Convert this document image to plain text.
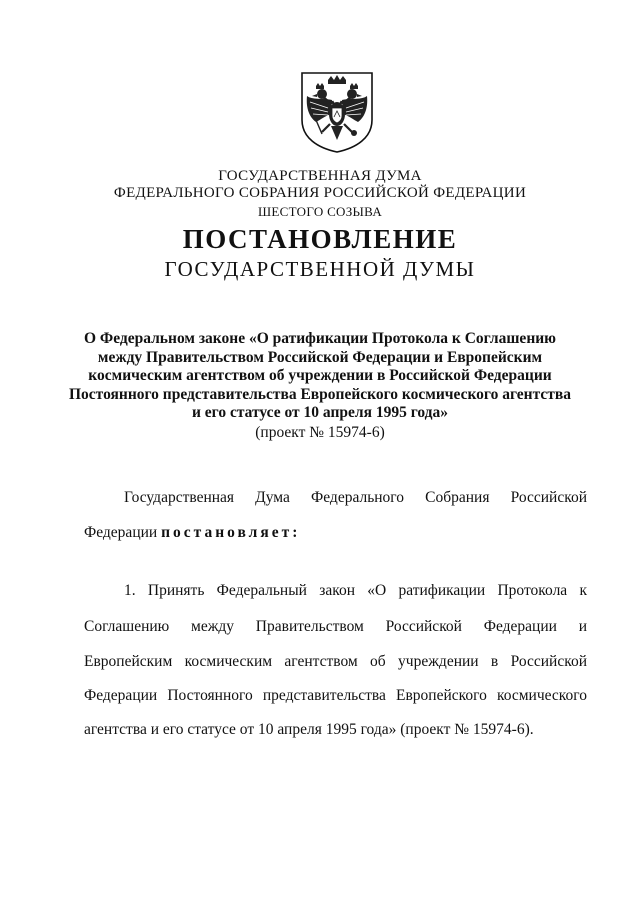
ГОСУДАРСТВЕННАЯ ДУМА
ФЕДЕРАЛЬНОГО СОБРАНИЯ РОССИЙСКОЙ ФЕДЕРАЦИИ
ШЕСТОГО СОЗЫВА
ПОСТАНОВЛЕНИЕ
ГОСУДАРСТВЕННОЙ ДУМЫ
О Федеральном законе «О ратификации Протокола к Соглашению
между Правительством Российской Федерации и Европейским
космическим агентством об учреждении в Российской Федерации
Постоянного представительства Европейского космического агентства
и его статусе от 10 апреля 1995 года»
(проект № 15974-6)
Государственная Дума Федерального Собрания Российской
Федерации постановляет:
1. Принять Федеральный закон «О ратификации Протокола к
Соглашению между Правительством Российской Федерации и
Европейским космическим агентством об учреждении в Российской
Федерации Постоянного представительства Европейского космического
агентства и его статусе от 10 апреля 1995 года» (проект № 15974-6).
